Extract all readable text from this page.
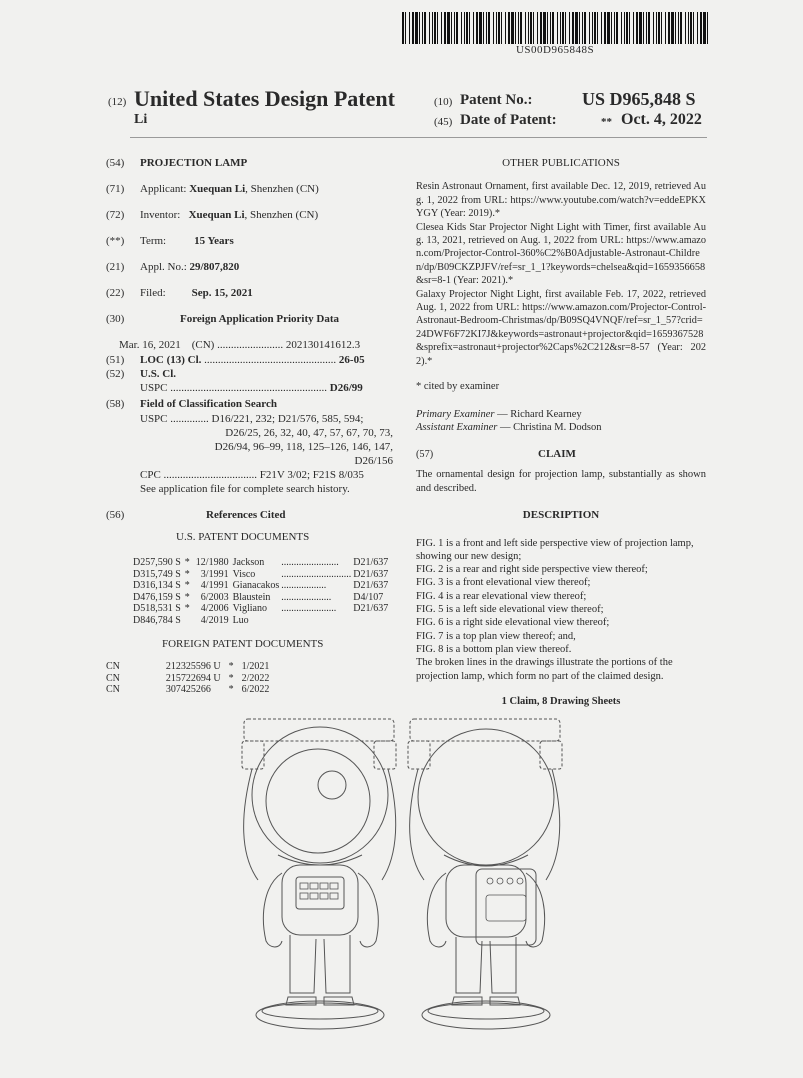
US00D965848S
(12) United States Design Patent
Li
(10) Patent No.:	US D965,848 S
(45) Date of Patent:	** Oct. 4, 2022
(54) PROJECTION LAMP
(71) Applicant: Xuequan Li, Shenzhen (CN)
(72) Inventor: Xuequan Li, Shenzhen (CN)
(**) Term:	15 Years
(21) Appl. No.: 29/807,820
(22) Filed: Sep. 15, 2021
(30)	Foreign Application Priority Data
Mar. 16, 2021 (CN) ........................ 202130141612.3
(51) LOC (13) Cl. ................................................ 26-05
(52) U.S. Cl.
USPC ......................................................... D26/99
(58) Field of Classification Search
USPC .............. D16/221, 232; D21/576, 585, 594;
D26/25, 26, 32, 40, 47, 57, 67, 70, 73,
D26/94, 96–99, 118, 125–126, 146, 147,
D26/156
CPC .................................. F21V 3/02; F21S 8/035
See application file for complete search history.
(56)	References Cited
U.S. PATENT DOCUMENTS
D257,590 S	*	12/1980	Jackson	.......................	D21/637
D315,749 S	*	3/1991	Visco	............................	D21/637
D316,134 S	*	4/1991	Gianacakos	..................	D21/637
D476,159 S	*	6/2003	Blaustein	....................	D4/107
D518,531 S	*	4/2006	Vigliano	......................	D21/637
D846,784 S		4/2019	Luo		
FOREIGN PATENT DOCUMENTS
CN	212325596 U	*	1/2021
CN	215722694 U	*	2/2022
CN	307425266	*	6/2022
OTHER PUBLICATIONS
Resin Astronaut Ornament, first available Dec. 12, 2019, retrieved Aug. 1, 2022 from URL: https://www.youtube.com/watch?v=eddeEPKXYGY (Year: 2019).*
Clesea Kids Star Projector Night Light with Timer, first available Aug. 13, 2021, retrieved on Aug. 1, 2022 from URL: https://www.amazon.com/Projector-Control-360%C2%B0Adjustable-Astronaut-Children/dp/B09CKZPJFV/ref=sr_1_1?keywords=chelsea&qid=1659356658&sr=8-1 (Year: 2021).*
Galaxy Projector Night Light, first available Feb. 17, 2022, retrieved Aug. 1, 2022 from URL: https://www.amazon.com/Projector-Control-Astronaut-Bedroom-Christmas/dp/B09SQ4VNQF/ref=sr_1_57?crid=24DWF6F72KI7J&keywords=astronaut+projector&qid=1659367528&sprefix=astronaut+projector%2Caps%2C212&sr=8-57 (Year: 2022).*
* cited by examiner
Primary Examiner — Richard Kearney
Assistant Examiner — Christina M. Dodson
(57)	CLAIM
The ornamental design for projection lamp, substantially as shown and described.
DESCRIPTION
FIG. 1 is a front and left side perspective view of projection lamp, showing our new design;
FIG. 2 is a rear and right side perspective view thereof;
FIG. 3 is a front elevational view thereof;
FIG. 4 is a rear elevational view thereof;
FIG. 5 is a left side elevational view thereof;
FIG. 6 is a right side elevational view thereof;
FIG. 7 is a top plan view thereof; and,
FIG. 8 is a bottom plan view thereof.
The broken lines in the drawings illustrate the portions of the projection lamp, which form no part of the claimed design.
1 Claim, 8 Drawing Sheets
